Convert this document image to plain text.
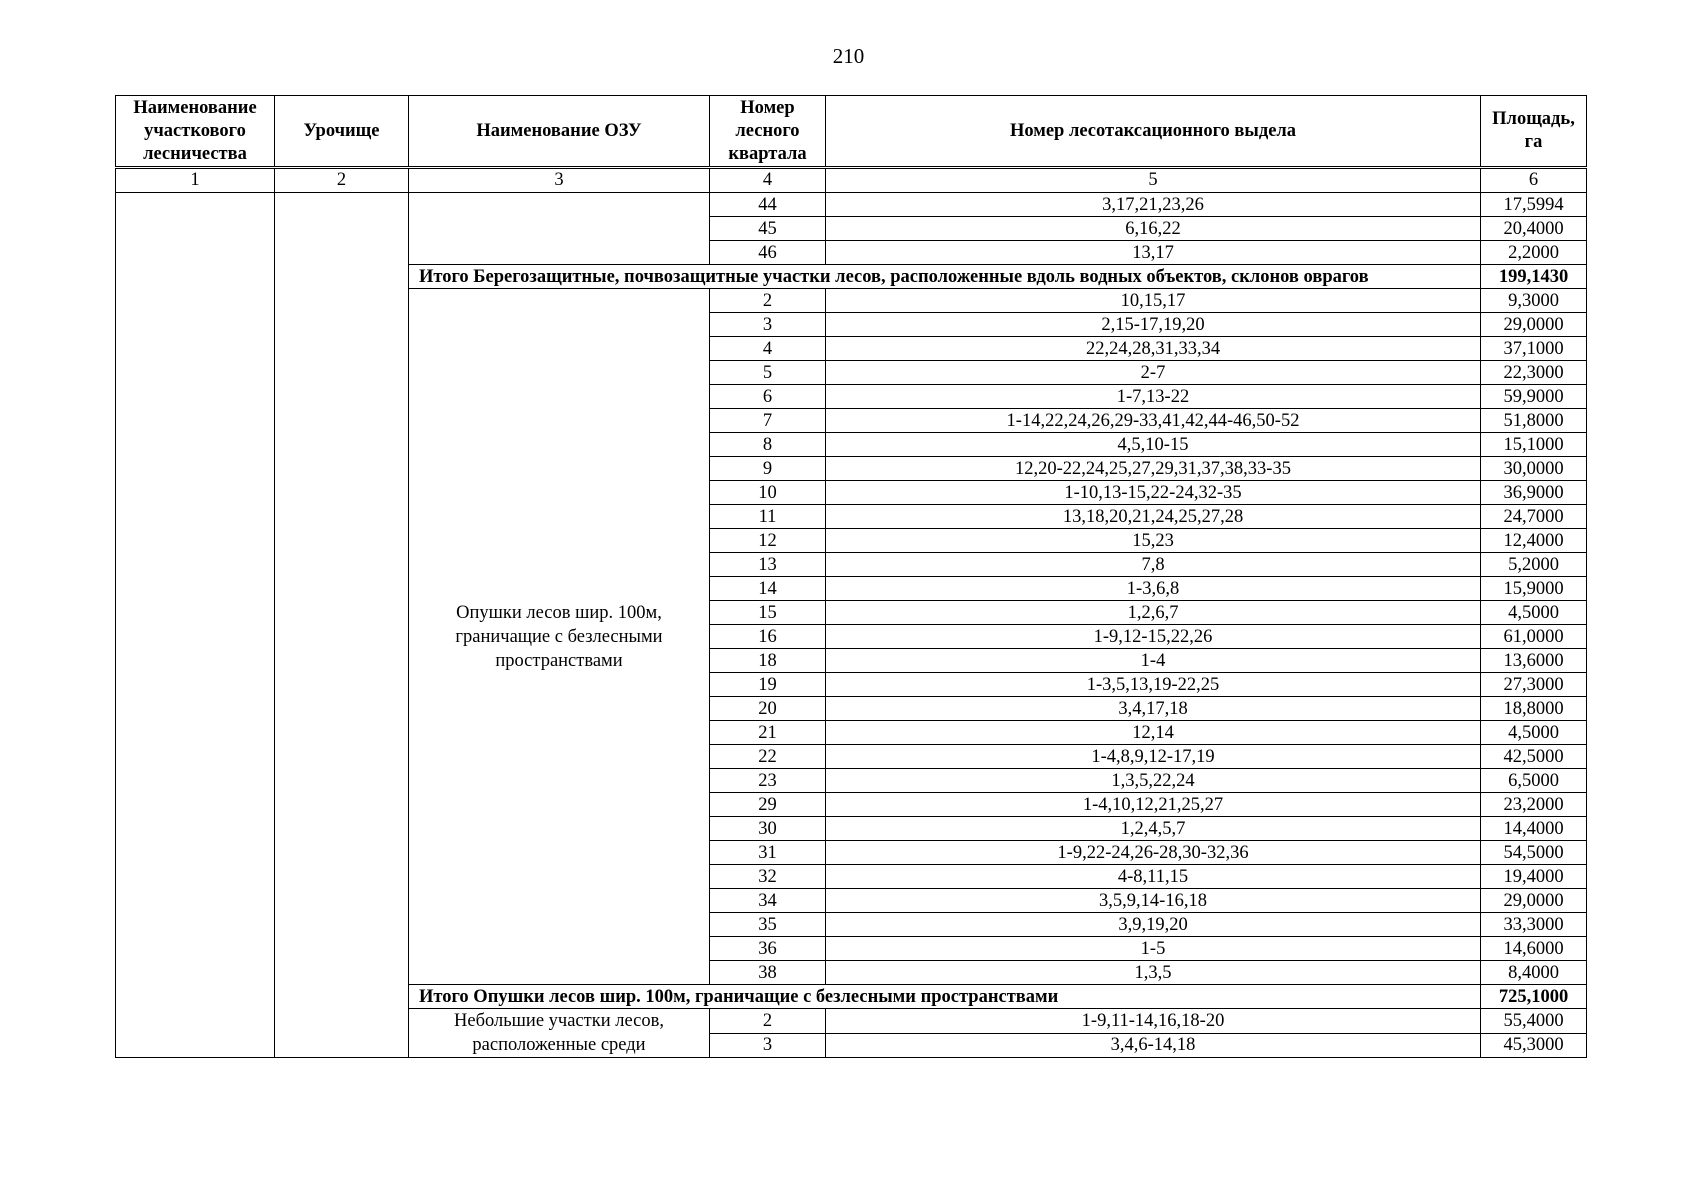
210
Наименование участкового лесничества	Урочище	Наименование ОЗУ	Номер лесного квартала	Номер лесотаксационного выдела	Площадь, га
1	2	3	4	5	6
			44	3,17,21,23,26	17,5994
			45	6,16,22	20,4000
			46	13,17	2,2000
		Итого Берегозащитные, почвозащитные участки лесов, расположенные вдоль водных объектов, склонов оврагов			199,1430
		Опушки лесов шир. 100м, граничащие с безлесными пространствами	2	10,15,17	9,3000
			3	2,15-17,19,20	29,0000
			4	22,24,28,31,33,34	37,1000
			5	2-7	22,3000
			6	1-7,13-22	59,9000
			7	1-14,22,24,26,29-33,41,42,44-46,50-52	51,8000
			8	4,5,10-15	15,1000
			9	12,20-22,24,25,27,29,31,37,38,33-35	30,0000
			10	1-10,13-15,22-24,32-35	36,9000
			11	13,18,20,21,24,25,27,28	24,7000
			12	15,23	12,4000
			13	7,8	5,2000
			14	1-3,6,8	15,9000
			15	1,2,6,7	4,5000
			16	1-9,12-15,22,26	61,0000
			18	1-4	13,6000
			19	1-3,5,13,19-22,25	27,3000
			20	3,4,17,18	18,8000
			21	12,14	4,5000
			22	1-4,8,9,12-17,19	42,5000
			23	1,3,5,22,24	6,5000
			29	1-4,10,12,21,25,27	23,2000
			30	1,2,4,5,7	14,4000
			31	1-9,22-24,26-28,30-32,36	54,5000
			32	4-8,11,15	19,4000
			34	3,5,9,14-16,18	29,0000
			35	3,9,19,20	33,3000
			36	1-5	14,6000
			38	1,3,5	8,4000
		Итого Опушки лесов шир. 100м, граничащие с безлесными пространствами			725,1000
		Небольшие участки лесов, расположенные среди	2	1-9,11-14,16,18-20	55,4000
			3	3,4,6-14,18	45,3000
